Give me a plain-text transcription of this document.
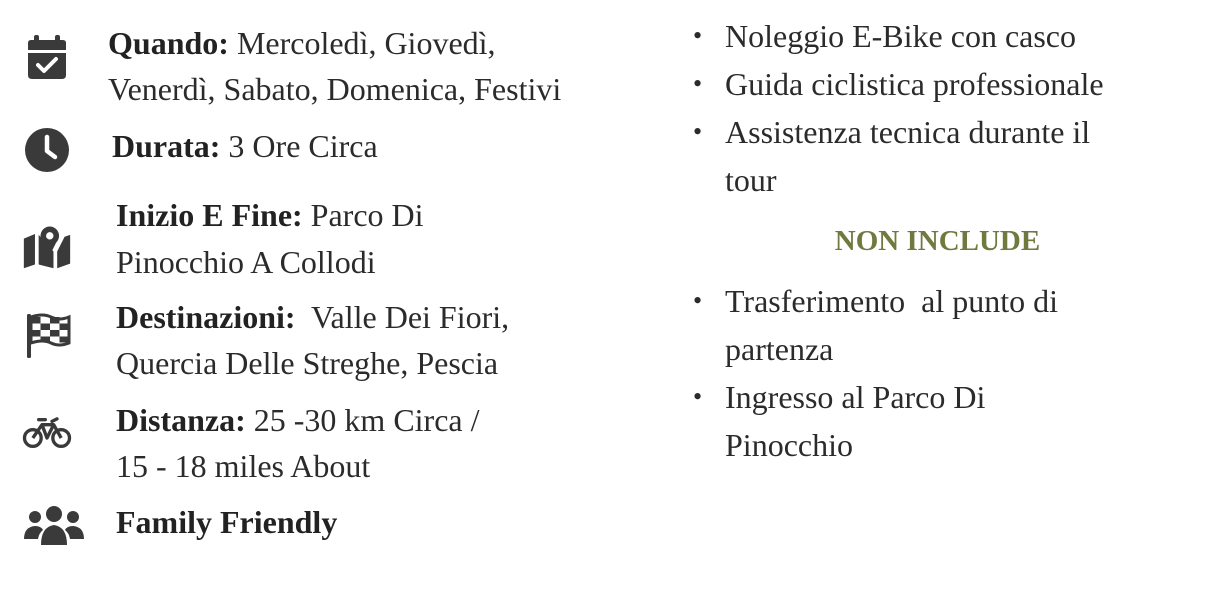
Quando: Mercoledì, Giovedì,
Venerdì, Sabato, Domenica, Festivi
Durata: 3 Ore Circa
Inizio E Fine: Parco Di
Pinocchio A Collodi
Destinazioni:  Valle Dei Fiori,
Quercia Delle Streghe, Pescia
Distanza: 25 -30 km Circa /
15 - 18 miles About
Family Friendly
• Noleggio E-Bike con casco
• Guida ciclistica professionale
• Assistenza tecnica durante il
tour
NON INCLUDE
• Trasferimento  al punto di
partenza
• Ingresso al Parco Di
Pinocchio
